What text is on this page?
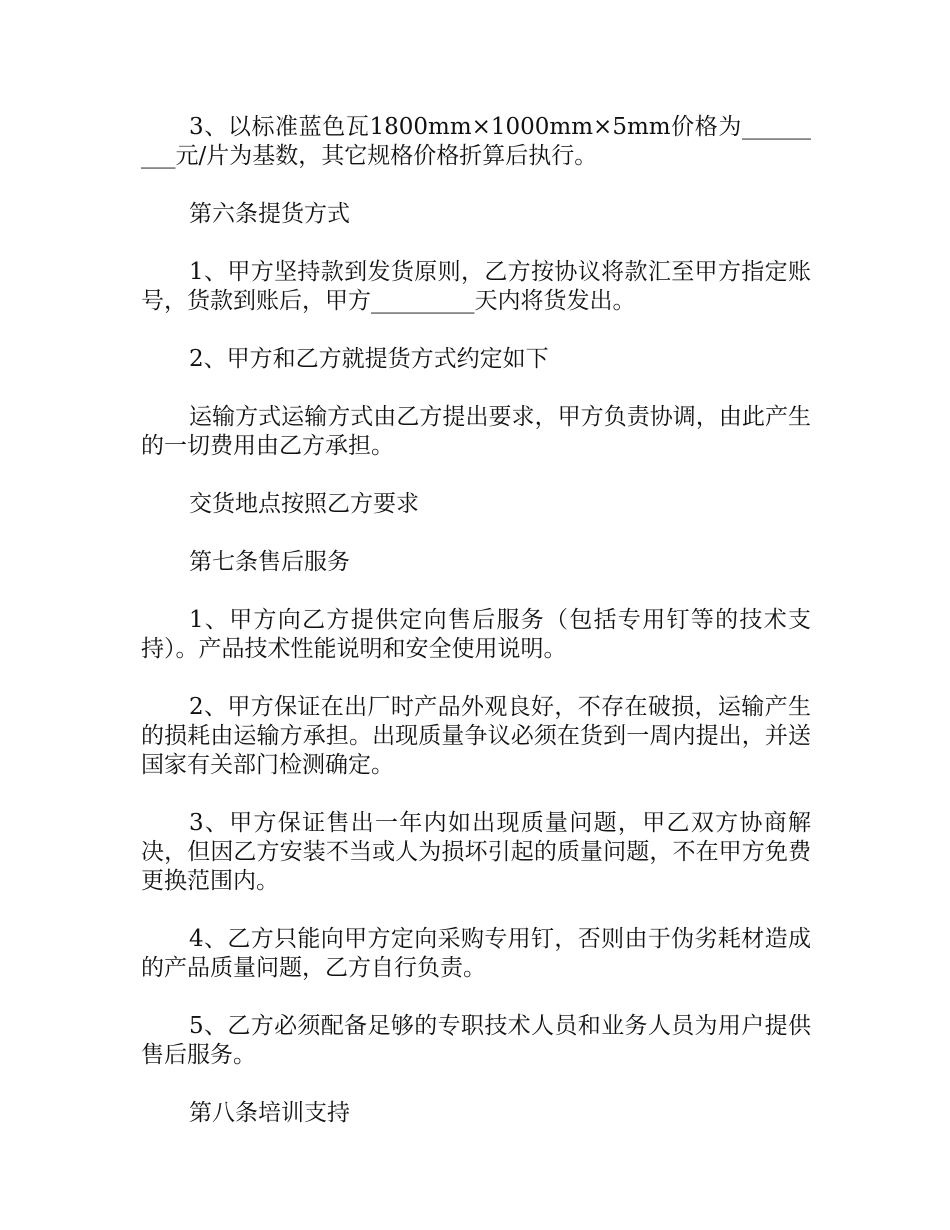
3、以标准蓝色瓦1800mm×1000mm×5mm价格为_________元/片为基数，其它规格价格折算后执行。

第六条提货方式

1、甲方坚持款到发货原则，乙方按协议将款汇至甲方指定账号，货款到账后，甲方_________天内将货发出。

2、甲方和乙方就提货方式约定如下

运输方式运输方式由乙方提出要求，甲方负责协调，由此产生的一切费用由乙方承担。

交货地点按照乙方要求

第七条售后服务

1、甲方向乙方提供定向售后服务（包括专用钉等的技术支持）。产品技术性能说明和安全使用说明。

2、甲方保证在出厂时产品外观良好，不存在破损，运输产生的损耗由运输方承担。出现质量争议必须在货到一周内提出，并送国家有关部门检测确定。

3、甲方保证售出一年内如出现质量问题，甲乙双方协商解决，但因乙方安装不当或人为损坏引起的质量问题，不在甲方免费更换范围内。

4、乙方只能向甲方定向采购专用钉，否则由于伪劣耗材造成的产品质量问题，乙方自行负责。

5、乙方必须配备足够的专职技术人员和业务人员为用户提供售后服务。

第八条培训支持
